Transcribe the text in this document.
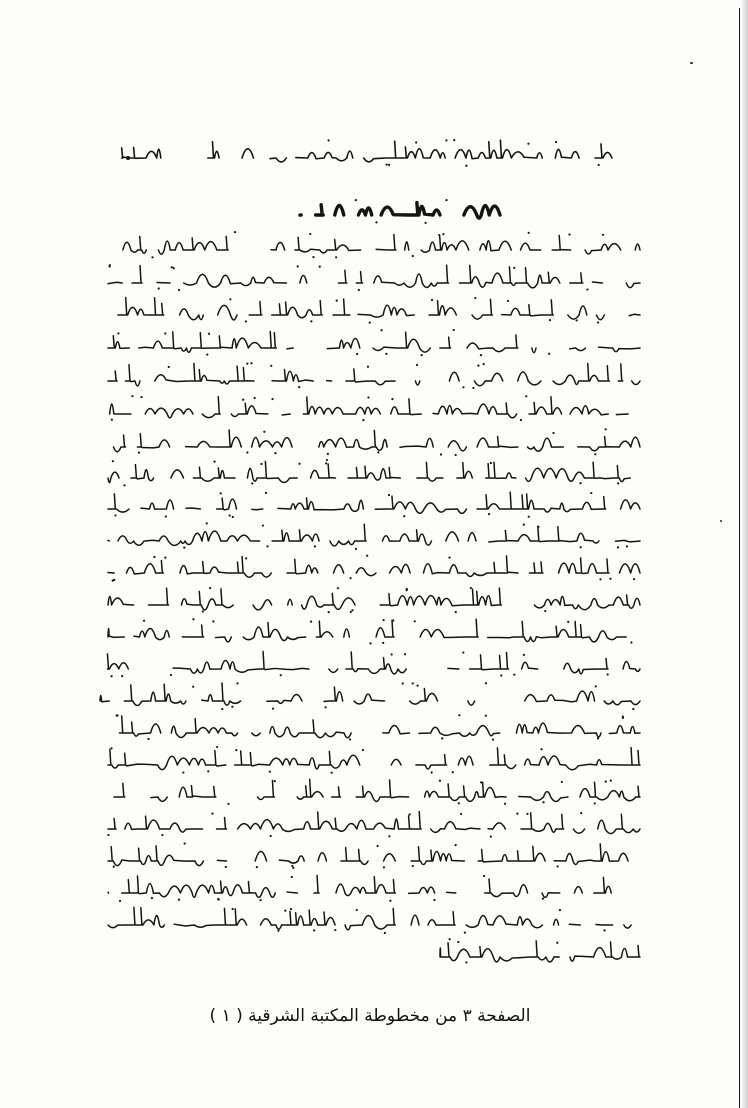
الصفحة ٣ من مخطوطة المكتبة الشرقية ( ١ )
